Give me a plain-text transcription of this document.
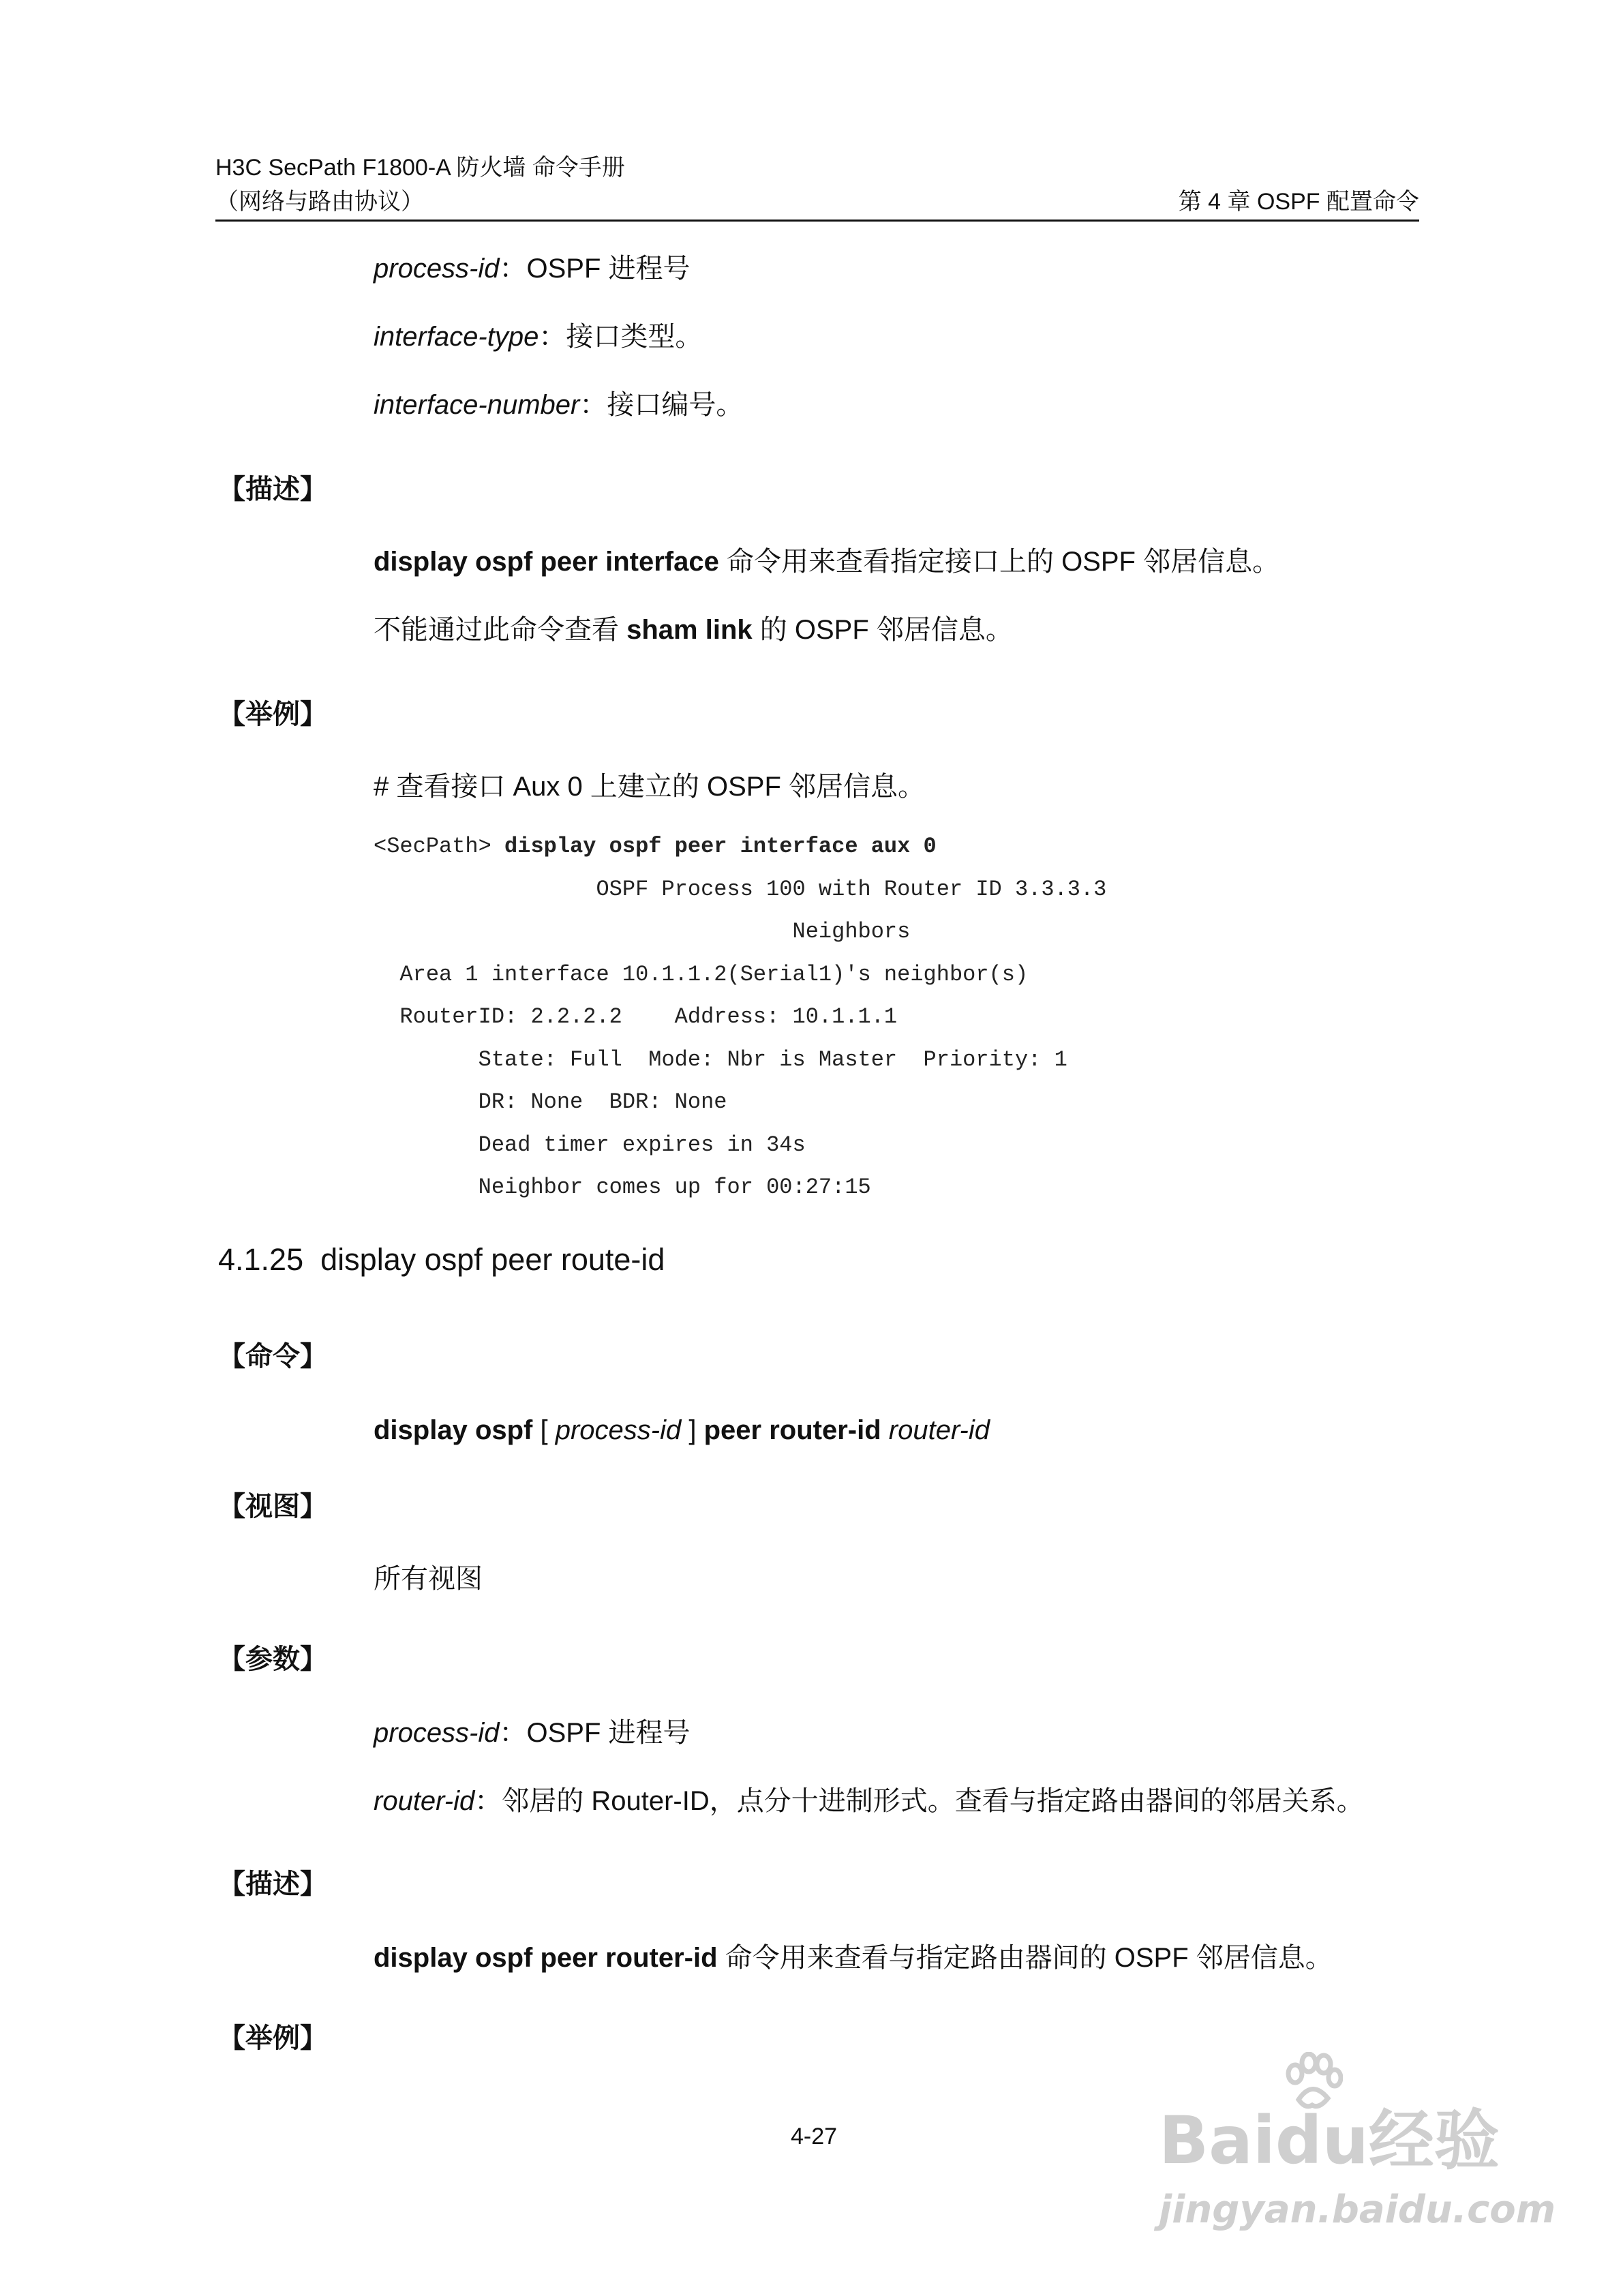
H3C SecPath F1800-A 防火墙 命令手册
（网络与路由协议）	第 4 章 OSPF 配置命令
process-id：OSPF 进程号
interface-type：接口类型。
interface-number：接口编号。
【描述】
display ospf peer interface 命令用来查看指定接口上的 OSPF 邻居信息。
不能通过此命令查看 sham link 的 OSPF 邻居信息。
【举例】
# 查看接口 Aux 0 上建立的 OSPF 邻居信息。
<SecPath> display ospf peer interface aux 0
OSPF Process 100 with Router ID 3.3.3.3
Neighbors
Area 1 interface 10.1.1.2(Serial1)'s neighbor(s)
RouterID: 2.2.2.2    Address: 10.1.1.1
State: Full  Mode: Nbr is Master  Priority: 1
DR: None  BDR: None
Dead timer expires in 34s
Neighbor comes up for 00:27:15
4.1.25 display ospf peer route-id
【命令】
display ospf [ process-id ] peer router-id router-id
【视图】
所有视图
【参数】
process-id：OSPF 进程号
router-id：邻居的 Router-ID，点分十进制形式。查看与指定路由器间的邻居关系。
【描述】
display ospf peer router-id 命令用来查看与指定路由器间的 OSPF 邻居信息。
【举例】
4-27	Baidu经验
jingyan.baidu.com
